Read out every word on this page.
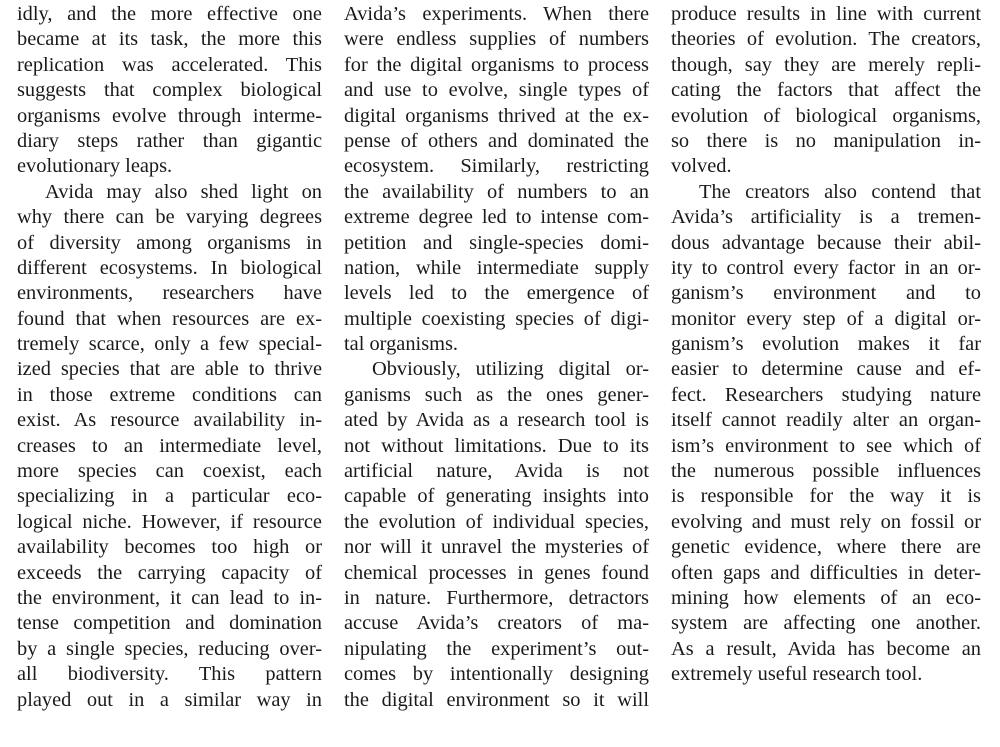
idly, and the more effective one
became at its task, the more this
replication was accelerated. This
suggests that complex biological
organisms evolve through interme-
diary steps rather than gigantic
evolutionary leaps.
Avida may also shed light on
why there can be varying degrees
of diversity among organisms in
different ecosystems. In biological
environments, researchers have
found that when resources are ex-
tremely scarce, only a few special-
ized species that are able to thrive
in those extreme conditions can
exist. As resource availability in-
creases to an intermediate level,
more species can coexist, each
specializing in a particular eco-
logical niche. However, if resource
availability becomes too high or
exceeds the carrying capacity of
the environment, it can lead to in-
tense competition and domination
by a single species, reducing over-
all biodiversity. This pattern
played out in a similar way in
Avida’s experiments. When there
were endless supplies of numbers
for the digital organisms to process
and use to evolve, single types of
digital organisms thrived at the ex-
pense of others and dominated the
ecosystem. Similarly, restricting
the availability of numbers to an
extreme degree led to intense com-
petition and single-species domi-
nation, while intermediate supply
levels led to the emergence of
multiple coexisting species of digi-
tal organisms.
Obviously, utilizing digital or-
ganisms such as the ones gener-
ated by Avida as a research tool is
not without limitations. Due to its
artificial nature, Avida is not
capable of generating insights into
the evolution of individual species,
nor will it unravel the mysteries of
chemical processes in genes found
in nature. Furthermore, detractors
accuse Avida’s creators of ma-
nipulating the experiment’s out-
comes by intentionally designing
the digital environment so it will
produce results in line with current
theories of evolution. The creators,
though, say they are merely repli-
cating the factors that affect the
evolution of biological organisms,
so there is no manipulation in-
volved.
The creators also contend that
Avida’s artificiality is a tremen-
dous advantage because their abil-
ity to control every factor in an or-
ganism’s environment and to
monitor every step of a digital or-
ganism’s evolution makes it far
easier to determine cause and ef-
fect. Researchers studying nature
itself cannot readily alter an organ-
ism’s environment to see which of
the numerous possible influences
is responsible for the way it is
evolving and must rely on fossil or
genetic evidence, where there are
often gaps and difficulties in deter-
mining how elements of an eco-
system are affecting one another.
As a result, Avida has become an
extremely useful research tool.
